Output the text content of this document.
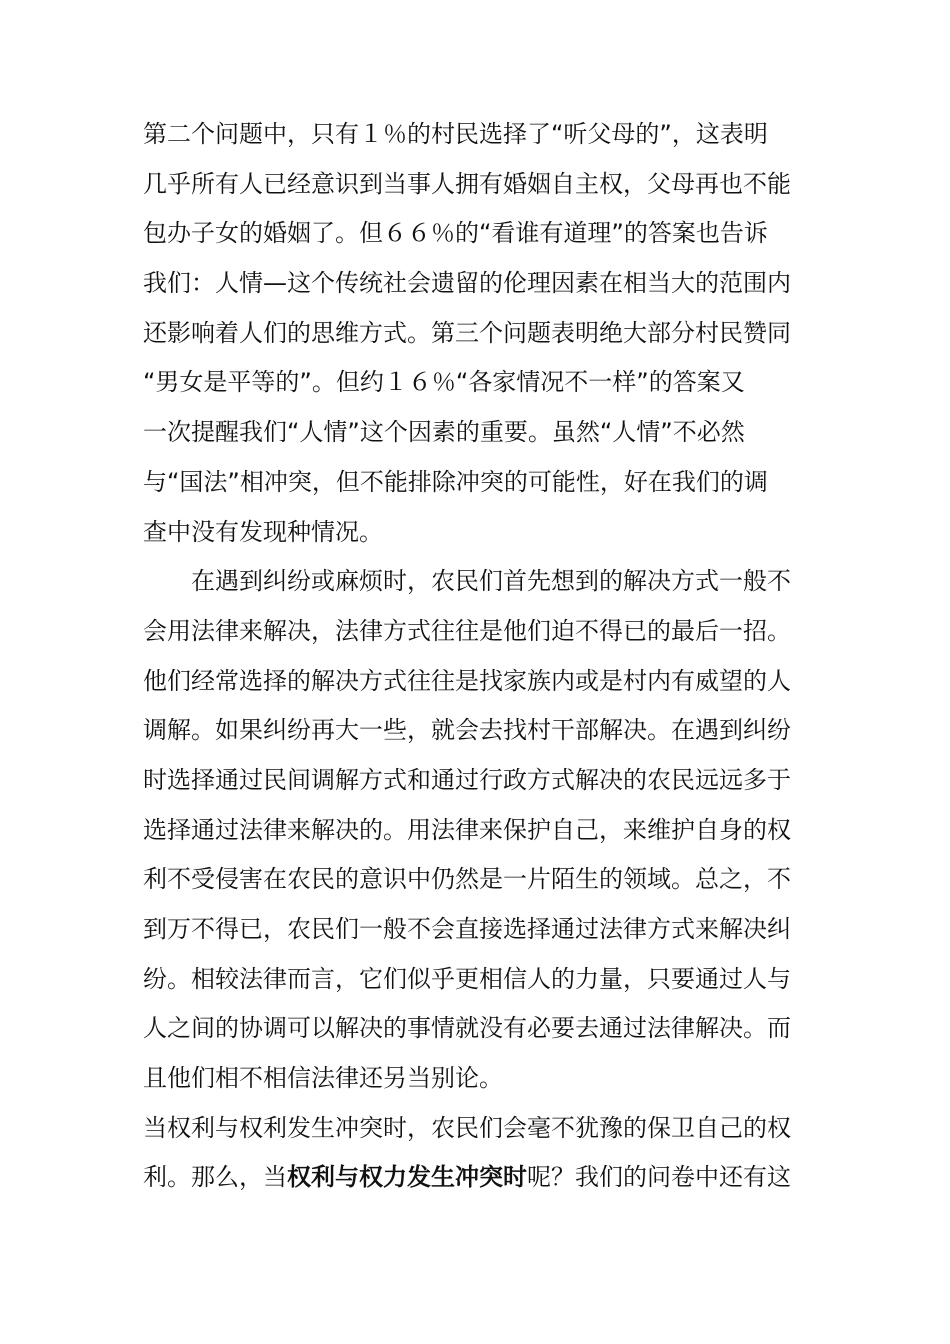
第二个问题中，只有１％的村民选择了“听父母的”，这表明
几乎所有人已经意识到当事人拥有婚姻自主权，父母再也不能
包办子女的婚姻了。但６６％的“看谁有道理”的答案也告诉
我们：人情—这个传统社会遗留的伦理因素在相当大的范围内
还影响着人们的思维方式。第三个问题表明绝大部分村民赞同
“男女是平等的”。但约１６％“各家情况不一样”的答案又
一次提醒我们“人情”这个因素的重要。虽然“人情”不必然
与“国法”相冲突，但不能排除冲突的可能性，好在我们的调
查中没有发现种情况。
在遇到纠纷或麻烦时，农民们首先想到的解决方式一般不
会用法律来解决，法律方式往往是他们迫不得已的最后一招。
他们经常选择的解决方式往往是找家族内或是村内有威望的人
调解。如果纠纷再大一些，就会去找村干部解决。在遇到纠纷
时选择通过民间调解方式和通过行政方式解决的农民远远多于
选择通过法律来解决的。用法律来保护自己，来维护自身的权
利不受侵害在农民的意识中仍然是一片陌生的领域。总之，不
到万不得已，农民们一般不会直接选择通过法律方式来解决纠
纷。相较法律而言，它们似乎更相信人的力量，只要通过人与
人之间的协调可以解决的事情就没有必要去通过法律解决。而
且他们相不相信法律还另当别论。
当权利与权利发生冲突时，农民们会毫不犹豫的保卫自己的权
利。那么，当权利与权力发生冲突时呢？我们的问卷中还有这
